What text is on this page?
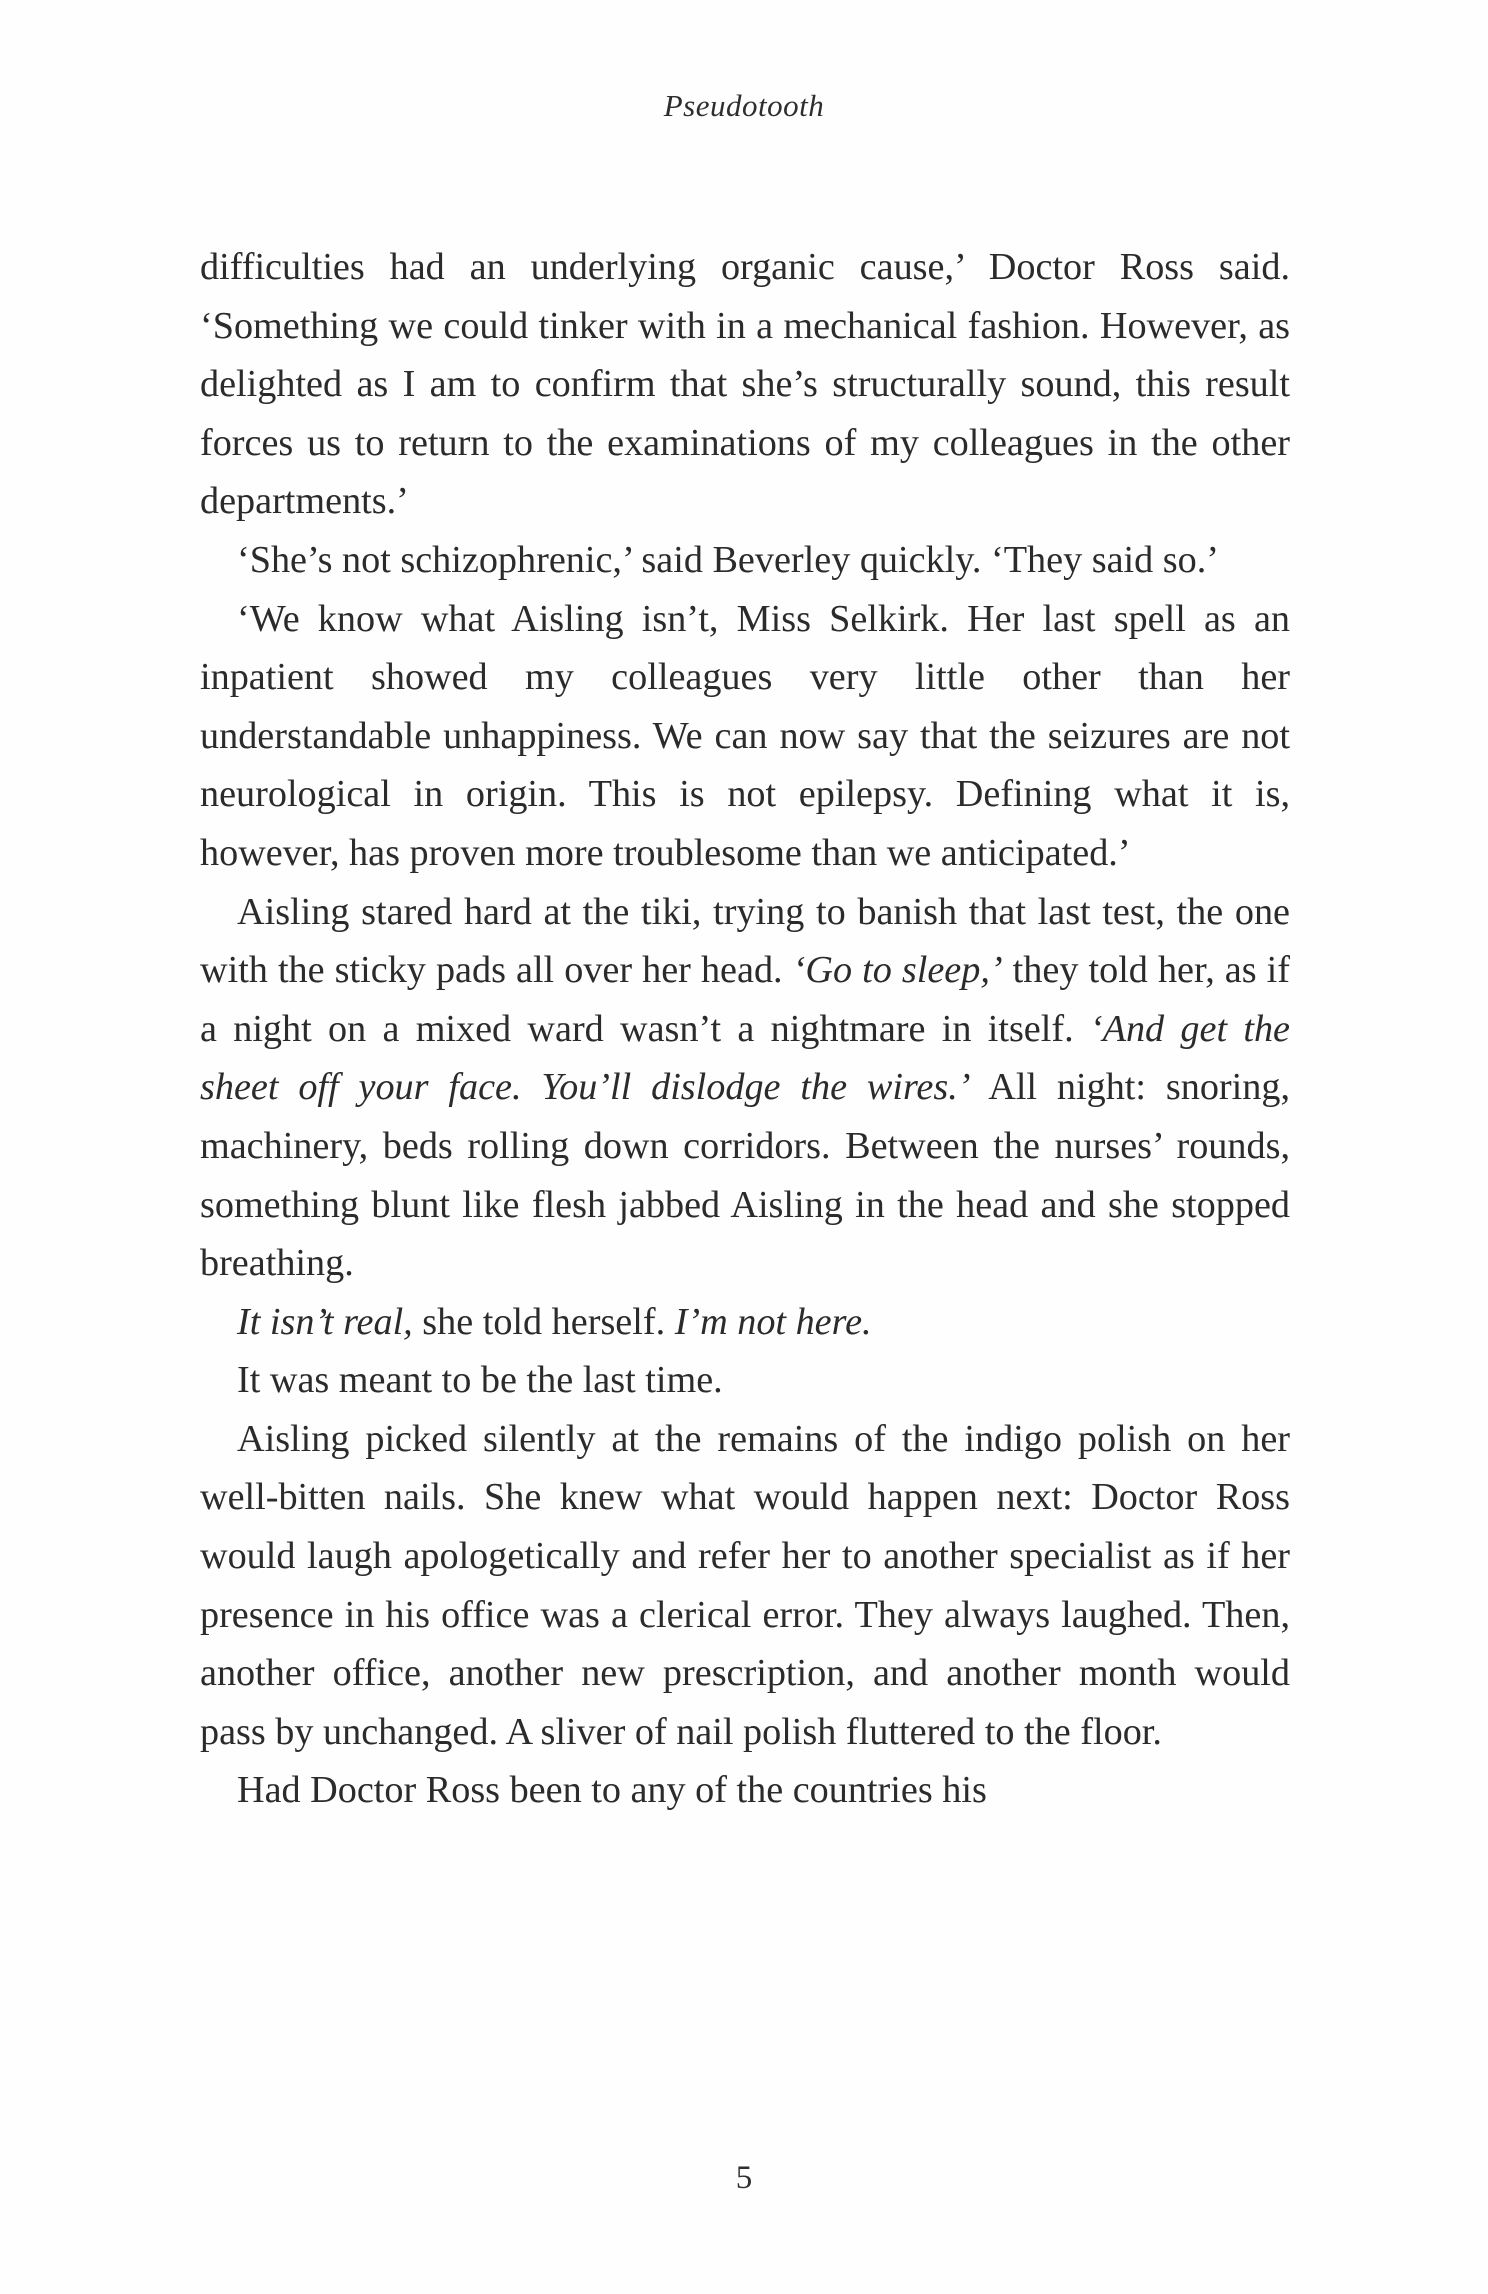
Pseudotooth

difficulties had an underlying organic cause,’ Doctor Ross said. ‘Something we could tinker with in a mechanical fashion. However, as delighted as I am to confirm that she’s structurally sound, this result forces us to return to the examinations of my colleagues in the other departments.’

‘She’s not schizophrenic,’ said Beverley quickly. ‘They said so.’

‘We know what Aisling isn’t, Miss Selkirk. Her last spell as an inpatient showed my colleagues very little other than her understandable unhappiness. We can now say that the seizures are not neurological in origin. This is not epilepsy. Defining what it is, however, has proven more troublesome than we anticipated.’

Aisling stared hard at the tiki, trying to banish that last test, the one with the sticky pads all over her head. ‘Go to sleep,’ they told her, as if a night on a mixed ward wasn’t a nightmare in itself. ‘And get the sheet off your face. You’ll dislodge the wires.’ All night: snoring, machinery, beds rolling down corridors. Between the nurses’ rounds, something blunt like flesh jabbed Aisling in the head and she stopped breathing.

It isn’t real, she told herself. I’m not here.

It was meant to be the last time.

Aisling picked silently at the remains of the indigo polish on her well-bitten nails. She knew what would happen next: Doctor Ross would laugh apologetically and refer her to another specialist as if her presence in his office was a clerical error. They always laughed. Then, another office, another new prescription, and another month would pass by unchanged. A sliver of nail polish fluttered to the floor.

Had Doctor Ross been to any of the countries his

5
